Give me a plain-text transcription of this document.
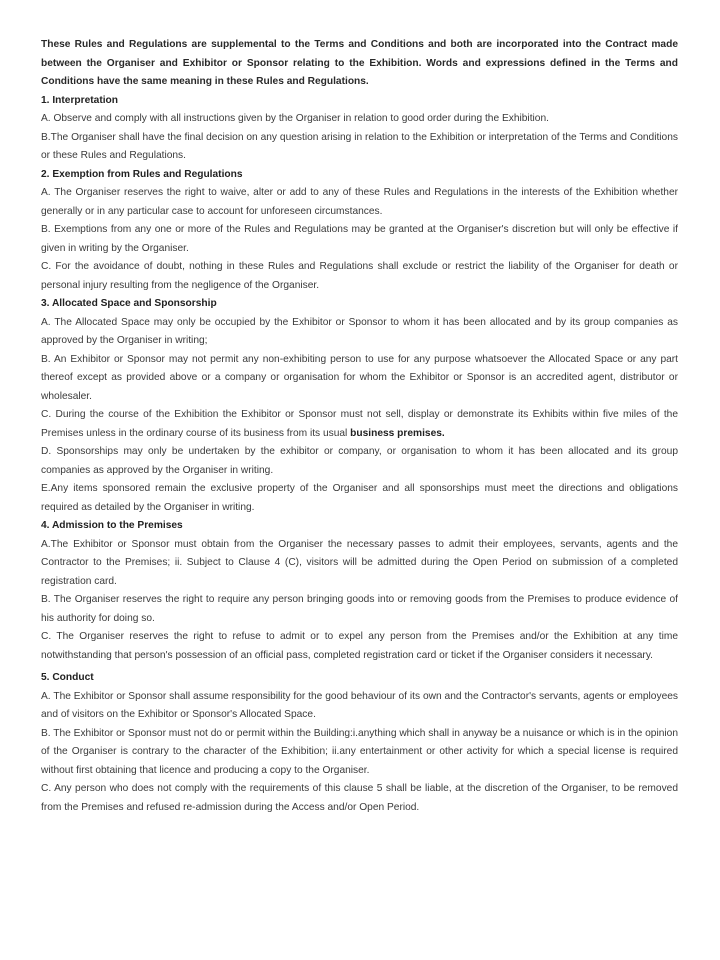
These Rules and Regulations are supplemental to the Terms and Conditions and both are incorporated into the Contract made between the Organiser and Exhibitor or Sponsor relating to the Exhibition. Words and expressions defined in the Terms and Conditions have the same meaning in these Rules and Regulations.
1. Interpretation
A. Observe and comply with all instructions given by the Organiser in relation to good order during the Exhibition.
B.The Organiser shall have the final decision on any question arising in relation to the Exhibition or interpretation of the Terms and Conditions or these Rules and Regulations.
2. Exemption from Rules and Regulations
A. The Organiser reserves the right to waive, alter or add to any of these Rules and Regulations in the interests of the Exhibition whether generally or in any particular case to account for unforeseen circumstances.
B. Exemptions from any one or more of the Rules and Regulations may be granted at the Organiser's discretion but will only be effective if given in writing by the Organiser.
C. For the avoidance of doubt, nothing in these Rules and Regulations shall exclude or restrict the liability of the Organiser for death or personal injury resulting from the negligence of the Organiser.
3. Allocated Space and Sponsorship
A. The Allocated Space may only be occupied by the Exhibitor or Sponsor to whom it has been allocated and by its group companies as approved by the Organiser in writing;
B. An Exhibitor or Sponsor may not permit any non-exhibiting person to use for any purpose whatsoever the Allocated Space or any part thereof except as provided above or a company or organisation for whom the Exhibitor or Sponsor is an accredited agent, distributor or wholesaler.
C. During the course of the Exhibition the Exhibitor or Sponsor must not sell, display or demonstrate its Exhibits within five miles of the Premises unless in the ordinary course of its business from its usual business premises.
D. Sponsorships may only be undertaken by the exhibitor or company, or organisation to whom it has been allocated and its group companies as approved by the Organiser in writing.
E.Any items sponsored remain the exclusive property of the Organiser and all sponsorships must meet the directions and obligations required as detailed by the Organiser in writing.
4. Admission to the Premises
A.The Exhibitor or Sponsor must obtain from the Organiser the necessary passes to admit their employees, servants, agents and the Contractor to the Premises; ii. Subject to Clause 4 (C), visitors will be admitted during the Open Period on submission of a completed registration card.
B. The Organiser reserves the right to require any person bringing goods into or removing goods from the Premises to produce evidence of his authority for doing so.
C. The Organiser reserves the right to refuse to admit or to expel any person from the Premises and/or the Exhibition at any time notwithstanding that person's possession of an official pass, completed registration card or ticket if the Organiser considers it necessary.
5. Conduct
A. The Exhibitor or Sponsor shall assume responsibility for the good behaviour of its own and the Contractor's servants, agents or employees and of visitors on the Exhibitor or Sponsor's Allocated Space.
B. The Exhibitor or Sponsor must not do or permit within the Building:i.anything which shall in anyway be a nuisance or which is in the opinion of the Organiser is contrary to the character of the Exhibition; ii.any entertainment or other activity for which a special license is required without first obtaining that licence and producing a copy to the Organiser.
C. Any person who does not comply with the requirements of this clause 5 shall be liable, at the discretion of the Organiser, to be removed from the Premises and refused re-admission during the Access and/or Open Period.
